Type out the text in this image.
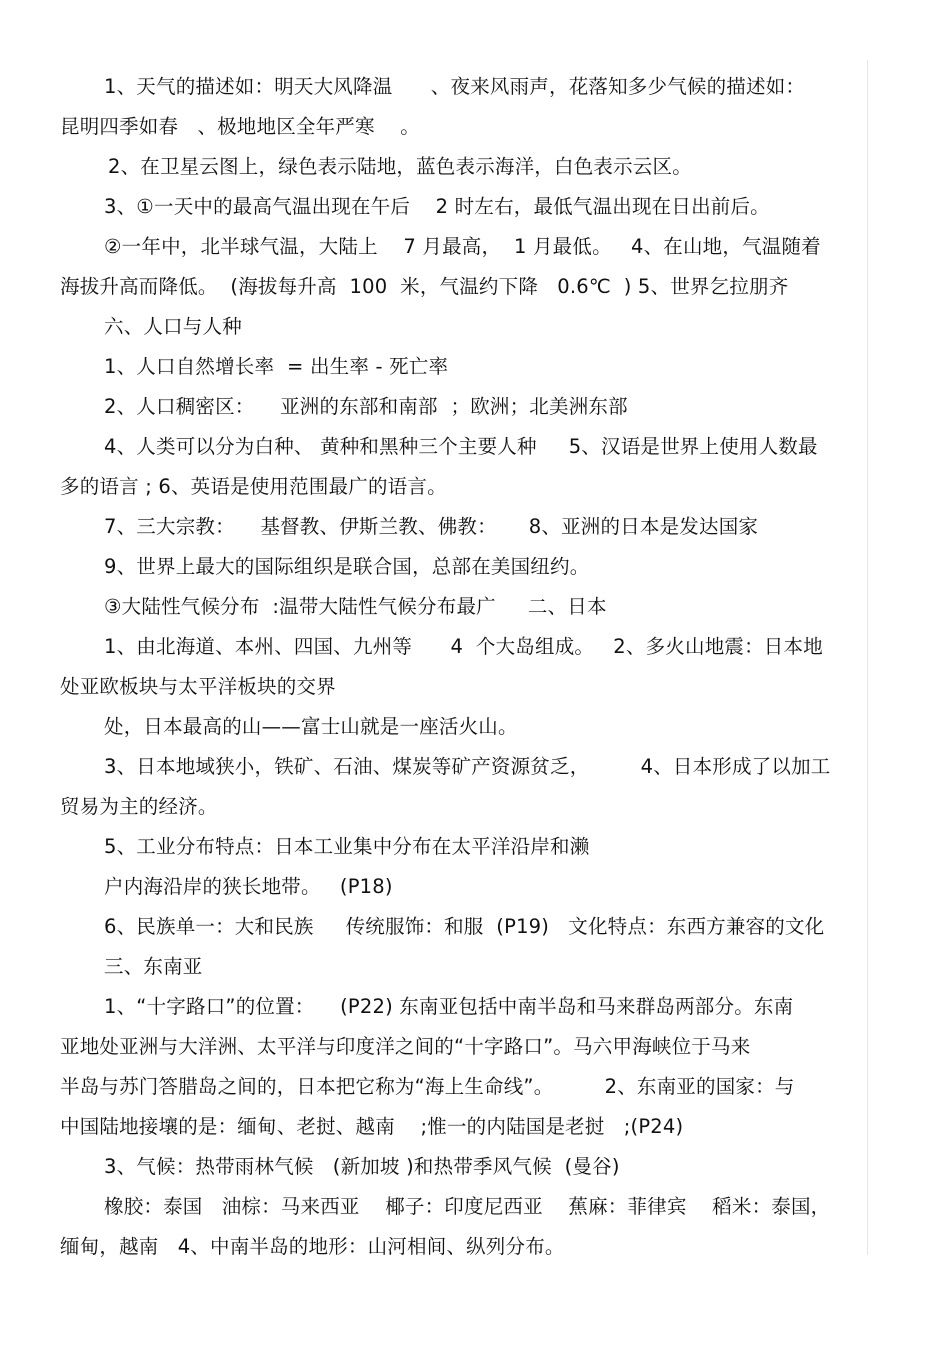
1、天气的描述如：明天大风降温      、夜来风雨声，花落知多少气候的描述如：
昆明四季如春   、极地地区全年严寒    。
2、在卫星云图上，绿色表示陆地，蓝色表示海洋，白色表示云区。
3、①一天中的最高气温出现在午后    2 时左右，最低气温出现在日出前后。
②一年中，北半球气温，大陆上    7 月最高，  1 月最低。   4、在山地，气温随着
海拔升高而降低。  (海拔每升高  100  米，气温约下降   0.6℃  ) 5、世界乞拉朋齐
六、人口与人种
1、人口自然增长率  = 出生率 - 死亡率
2、人口稠密区：    亚洲的东部和南部  ；欧洲；北美洲东部
4、人类可以分为白种、 黄种和黑种三个主要人种     5、汉语是世界上使用人数最
多的语言 ; 6、英语是使用范围最广的语言。
7、三大宗教：    基督教、伊斯兰教、佛教：     8、亚洲的日本是发达国家
9、世界上最大的国际组织是联合国，总部在美国纽约。
③大陆性气候分布  :温带大陆性气候分布最广     二、日本
1、由北海道、本州、四国、九州等      4  个大岛组成。   2、多火山地震：日本地
处亚欧板块与太平洋板块的交界
处，日本最高的山——富士山就是一座活火山。
3、日本地域狭小，铁矿、石油、煤炭等矿产资源贫乏，        4、日本形成了以加工
贸易为主的经济。
5、工业分布特点：日本工业集中分布在太平洋沿岸和濑
户内海沿岸的狭长地带。   (P18)
6、民族单一：大和民族     传统服饰：和服  (P19)   文化特点：东西方兼容的文化
三、东南亚
1、“十字路口”的位置：    (P22) 东南亚包括中南半岛和马来群岛两部分。东南
亚地处亚洲与大洋洲、太平洋与印度洋之间的“十字路口”。马六甲海峡位于马来
半岛与苏门答腊岛之间的，日本把它称为“海上生命线”。        2、东南亚的国家：与
中国陆地接壤的是：缅甸、老挝、越南    ;惟一的内陆国是老挝   ;(P24)
3、气候：热带雨林气候   (新加坡 )和热带季风气候  (曼谷)
橡胶：泰国   油棕：马来西亚    椰子：印度尼西亚    蕉麻：菲律宾    稻米：泰国，
缅甸，越南   4、中南半岛的地形：山河相间、纵列分布。
